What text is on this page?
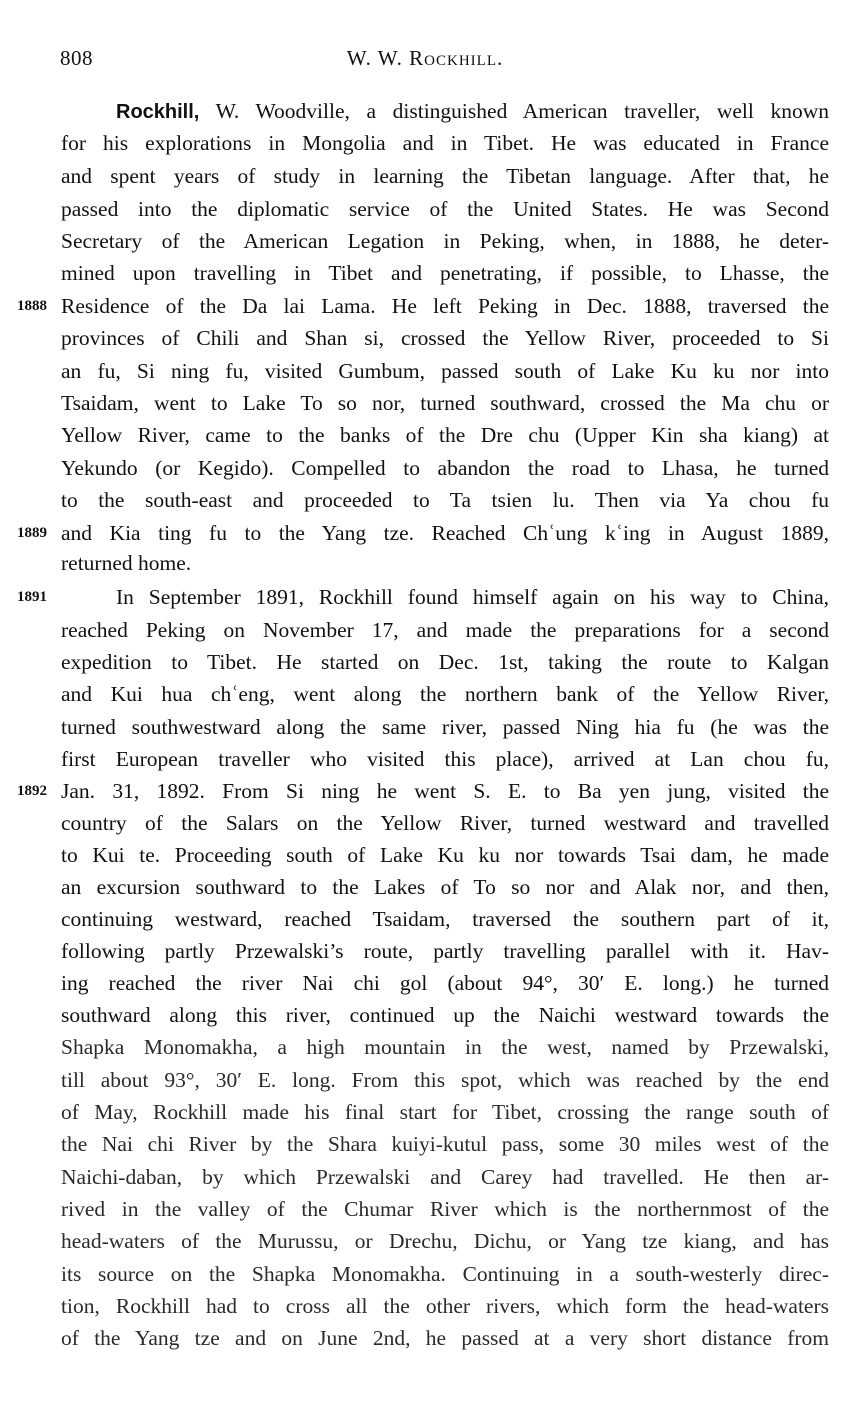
808	W. W. Rockhill.
Rockhill, W. Woodville, a distinguished American traveller, well known
for his explorations in Mongolia and in Tibet. He was educated in France
and spent years of study in learning the Tibetan language. After that, he
passed into the diplomatic service of the United States. He was Second
Secretary of the American Legation in Peking, when, in 1888, he deter-
mined upon travelling in Tibet and penetrating, if possible, to Lhasse, the
1888 Residence of the Da lai Lama. He left Peking in Dec. 1888, traversed the
provinces of Chili and Shan si, crossed the Yellow River, proceeded to Si
an fu, Si ning fu, visited Gumbum, passed south of Lake Ku ku nor into
Tsaidam, went to Lake To so nor, turned southward, crossed the Ma chu or
Yellow River, came to the banks of the Dre chu (Upper Kin sha kiang) at
Yekundo (or Kegido). Compelled to abandon the road to Lhasa, he turned
to the south-east and proceeded to Ta tsien lu. Then via Ya chou fu
1889 and Kia ting fu to the Yang tze. Reached Chʿung kʿing in August 1889,
returned home.
1891	In September 1891, Rockhill found himself again on his way to China,
reached Peking on November 17, and made the preparations for a second
expedition to Tibet. He started on Dec. 1st, taking the route to Kalgan
and Kui hua chʿeng, went along the northern bank of the Yellow River,
turned southwestward along the same river, passed Ning hia fu (he was the
first European traveller who visited this place), arrived at Lan chou fu,
1892 Jan. 31, 1892. From Si ning he went S. E. to Ba yen jung, visited the
country of the Salars on the Yellow River, turned westward and travelled
to Kui te. Proceeding south of Lake Ku ku nor towards Tsai dam, he made
an excursion southward to the Lakes of To so nor and Alak nor, and then,
continuing westward, reached Tsaidam, traversed the southern part of it,
following partly Przewalski’s route, partly travelling parallel with it. Hav-
ing reached the river Nai chi gol (about 94°, 30′ E. long.) he turned
southward along this river, continued up the Naichi westward towards the
Shapka Monomakha, a high mountain in the west, named by Przewalski,
till about 93°, 30′ E. long. From this spot, which was reached by the end
of May, Rockhill made his final start for Tibet, crossing the range south of
the Nai chi River by the Shara kuiyi-kutul pass, some 30 miles west of the
Naichi-daban, by which Przewalski and Carey had travelled. He then ar-
rived in the valley of the Chumar River which is the northernmost of the
head-waters of the Murussu, or Drechu, Dichu, or Yang tze kiang, and has
its source on the Shapka Monomakha. Continuing in a south-westerly direc-
tion, Rockhill had to cross all the other rivers, which form the head-waters
of the Yang tze and on June 2nd, he passed at a very short distance from
